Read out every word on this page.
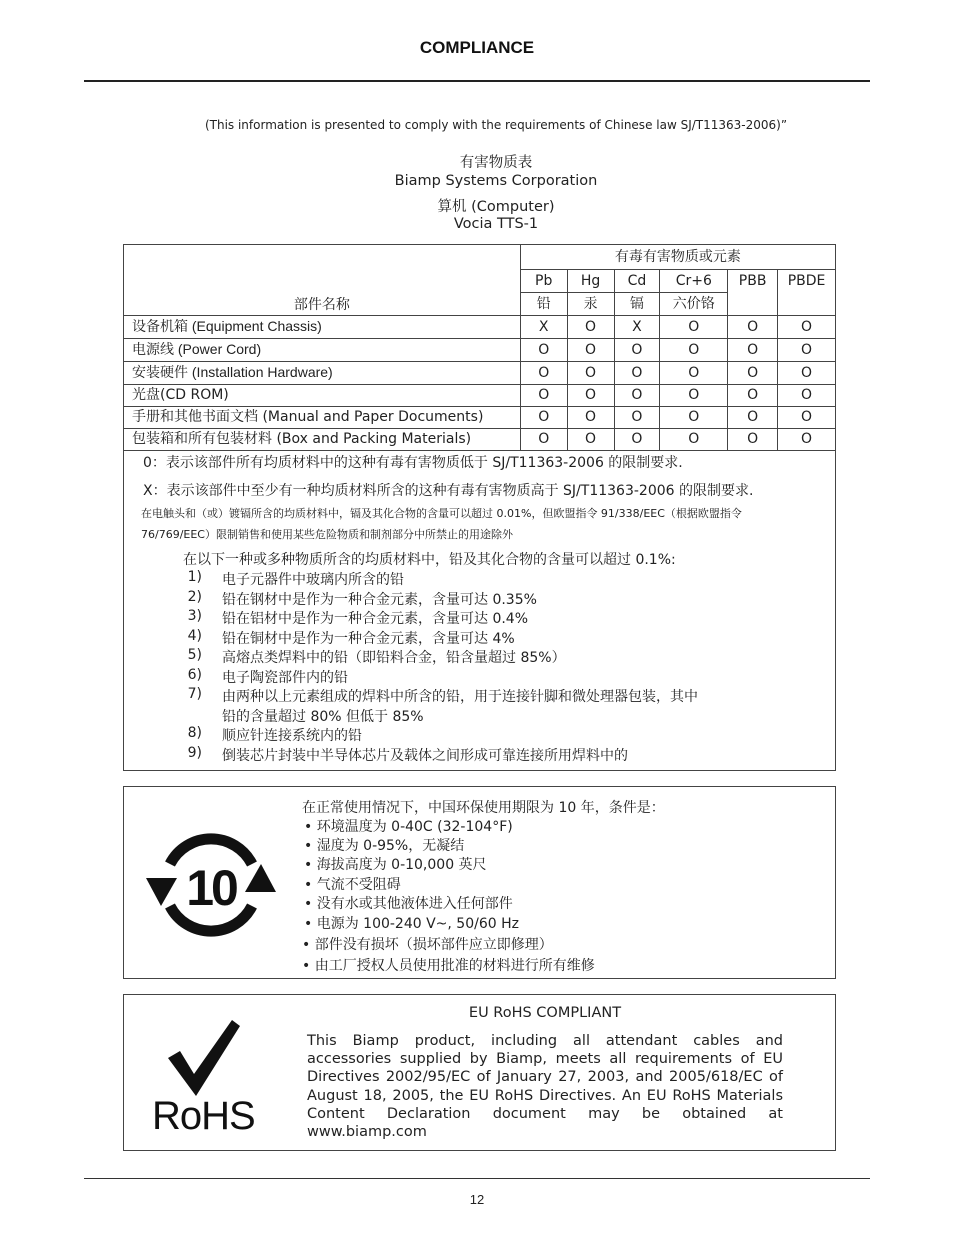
COMPLIANCE
(This information is presented to comply with the requirements of Chinese law SJ/T11363-2006)”
有害物质表
Biamp Systems Corporation
算机 (Computer)
Vocia TTS-1
部件名称	有毒有害物质或元素					
	Pb	Hg	Cd	Cr+6	PBB	PBDE
	铅	汞	镉	六价铬		
设备机箱 (Equipment Chassis)	X	O	X	O	O	O
电源线 (Power Cord)	O	O	O	O	O	O
安装硬件 (Installation Hardware)	O	O	O	O	O	O
光盘(CD ROM)	O	O	O	O	O	O
手册和其他书面文档 (Manual and Paper Documents)	O	O	O	O	O	O
包装箱和所有包装材料 (Box and Packing Materials)	O	O	O	O	O	O
0：表示该部件所有均质材料中的这种有毒有害物质低于 SJ/T11363-2006 的限制要求.
X：表示该部件中至少有一种均质材料所含的这种有毒有害物质高于 SJ/T11363-2006 的限制要求.
在电触头和（或）镀镉所含的均质材料中，镉及其化合物的含量可以超过 0.01%，但欧盟指令 91/338/EEC（根据欧盟指令
76/769/EEC）限制销售和使用某些危险物质和制剂部分中所禁止的用途除外
在以下一种或多种物质所含的均质材料中，铅及其化合物的含量可以超过 0.1%:
1) 电子元器件中玻璃内所含的铅
2) 铅在钢材中是作为一种合金元素，含量可达 0.35%
3) 铅在铝材中是作为一种合金元素，含量可达 0.4%
4) 铅在铜材中是作为一种合金元素，含量可达 4%
5) 高熔点类焊料中的铅（即铅料合金，铅含量超过 85%）
6) 电子陶瓷部件内的铅
7) 由两种以上元素组成的焊料中所含的铅，用于连接针脚和微处理器包装，其中
铅的含量超过 80% 但低于 85%
8) 顺应针连接系统内的铅
9) 倒装芯片封装中半导体芯片及载体之间形成可靠连接所用焊料中的
10
在正常使用情况下，中国环保使用期限为 10 年，条件是：
• 环境温度为 0-40C (32-104°F)
• 湿度为 0-95%，无凝结
• 海拔高度为 0-10,000 英尺
• 气流不受阻碍
• 没有水或其他液体进入任何部件
• 电源为 100-240 V~, 50/60 Hz
• 部件没有损坏（损坏部件应立即修理）
• 由工厂授权人员使用批准的材料进行所有维修
RoHS
EU RoHS COMPLIANT
This Biamp product, including all attendant cables and accessories supplied by Biamp, meets all requirements of EU Directives 2002/95/EC of January 27, 2003, and 2005/618/EC of August 18, 2005, the EU RoHS Directives. An EU RoHS Materials Content Declaration document may be obtained at www.biamp.com
12
